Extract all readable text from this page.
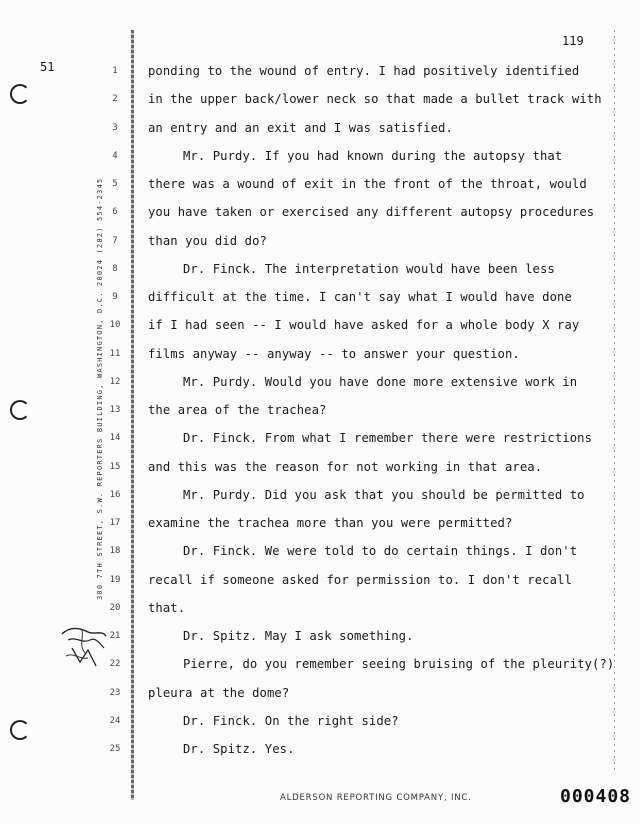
51
119
300 7TH STREET, S.W. REPORTERS BUILDING, WASHINGTON, D.C. 20024 (202) 554-2345
1	ponding to the wound of entry. I had positively identified
2	in the upper back/lower neck so that made a bullet track with
3	an entry and an exit and I was satisfied.
4	Mr. Purdy. If you had known during the autopsy that
5	there was a wound of exit in the front of the throat, would
6	you have taken or exercised any different autopsy procedures
7	than you did do?
8	Dr. Finck. The interpretation would have been less
9	difficult at the time. I can't say what I would have done
10	if I had seen -- I would have asked for a whole body X ray
11	films anyway -- anyway -- to answer your question.
12	Mr. Purdy. Would you have done more extensive work in
13	the area of the trachea?
14	Dr. Finck. From what I remember there were restrictions
15	and this was the reason for not working in that area.
16	Mr. Purdy. Did you ask that you should be permitted to
17	examine the trachea more than you were permitted?
18	Dr. Finck. We were told to do certain things. I don't
19	recall if someone asked for permission to. I don't recall
20	that.
21	Dr. Spitz. May I ask something.
22	Pierre, do you remember seeing bruising of the pleurity(?)
23	pleura at the dome?
24	Dr. Finck. On the right side?
25	Dr. Spitz. Yes.
ALDERSON REPORTING COMPANY, INC.	000408
